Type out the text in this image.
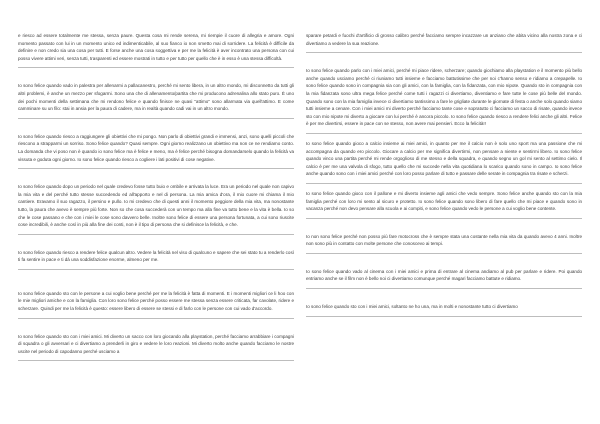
e riesco ad essere totalmente me stessa, senza paure. Questa cosa mi rende serena, mi riempie il cuore di allegria e amore. Ogni momento passato con lui in un momento unico ed indimenticabile, al suo fianco io non smetto mai di sorridere. La felicità è difficile da definire e non credo sia una cosa per tutti. E forse anche una cosa soggettiva e per me la felicità è aver incontrato una persona con cui posso vivere attimi veri, senza tutti, trasparenti ed essere mostrati in tutto e per tutto per quello che è in esso è una stessa difficoltà.

Io sono felice quando vado in palestra per allenarmi a pallacanestro, perché mi sento libera, in un altro mondo, mi disconnetto da tutti gli altri problemi, è anche un mezzo per sfogarmi. Sono una che di allenamento/partita che mi producono adrenalina allo stato puro. È uno dei pochi momenti della settimana che mi rendono felice e quando finisce ne quasi "attimo" sono allarmata via quell'attimo. E come camminare su un filo: stai in ansia per la paura di cadere, ma in realtà quando cadi vai in un altro mondo.

Io sono felice quando riesco a raggiungere gli obiettivi che mi pongo. Non parlo di obiettivi grandi e immensi, anzi, sono quelli piccoli che riescono a strapparmi un sorriso. Sono felice quando? Quasi sempre. Ogni giorno realizzano un obiettivo ma non ce ne rendiamo conto. La domanda che vi poso non è quando io sono felice ma è felice e meno, ma è felice perché bisogna domandarselo quando la felicità va vissuta e goduta ogni giorno. Io sono felice quando riesco a cogliere i lati positivi di cose negative.

Io sono felice quando dopo un periodo nel quale credevo fosse tutto buio e ombile e arrivata la luce. Era un periodo nel quale non capivo la mia vita e del perché tutto stesse succedendo ed all'apporto e nel di persona. La mia amica d'ora, il mio cuore mi chiama il mio cantiere. Eravamo il suo ragazzo, il persino e pullo. Io mi credevo che di questi anni il momento peggiore della mia vita, ma nonostante tutto, la paura che avevo è sempre più forte. Non so che cosa succederà con un tempo ma alla fine va tutto bene e la vita è bella. Io so che le cose passano e che con i miei le cose sono davvero belle. Inoltre sono felice di essere una persona fortunata, a cui sono riuscite cose incredibili, è anche così in più alla fine dei conti, non è il tipo di persona che si definisce la felicità, e che.

Io sono felice quando riesco a rendere felice qualcun altro. Vedere la felicità nel viso di qualcuno e sapere che sei stato tu a renderlo così ti fa sentire in pace e ti dà una soddisfazione enorme, almeno per me.

Io sono felice quando sto con le persone a cui voglio bene perché per me la felicità è fatta di momenti. E i momenti migliori ce li hoo con le mie migliori amiche e con la famiglia. Con loro sono felice perché posso essere me stessa senza essere criticata, far cavolate, ridere e scherzare. Quindi per me la felicità è questo: essere libero di essere se stessi e di farlo con le persone con cui vado d'accordo.

Io sono felice quando sto con i miei amici. Mi diverto un sacco con loro giocando alla playstation, perché facciamo arrabbiare i compagni di squadra o gli avversari e ci divertiamo a prenderli in giro e vedere le loro reazioni. Mi diverto molto anche quando facciamo le nostre uscite nel periodo di capodanno perché usciamo a

sparare petardi e fuochi d'artificio di grosso calibro perché facciamo sempre incazzare un anziano che abita vicino alla nostra zona e ci divertiamo a vedere la sua reazione.

Io sono felice quando parlo con i miei amici, perché mi piace ridere, scherzare; quando giochiamo alla playstation e il momento più bello anche quando usciamo perché ci riuniamo tutti insieme e facciamo battutissime che per noi c'hanno senso e ridiamo a crepapelle. Io sono felice quando sono in compagnia sia con gli amici, con la famiglia, con la fidanzata, con mio nipote. Quando sto in compagnia con la mia fidanzata sono ultra mega felice perché come tutti i ragazzi ci divertiamo, diventiamo e fare tutte le cose più belle del mondo. Quando sono con la mia famiglia invece ci divertiamo tantissimo a fare le grigliate durante le giornate di festa o anche solo quando siamo tutti insieme a cenare. Con i miei amici mi diverto perché facciamo tante cose e sopratutto ci facciamo un sacco di risate, quando invece sto con mio nipote mi diverto a giocare con lui perché è ancora piccolo. Io sono felice quando riesco a rendere felici anche gli altri. Felice è per me divertirsi, essere in pace con se stesso, non avere mai pensieri. Ecco la felicità!!

Io sono felice quando gioco a calcio insieme ai miei amici, in quanto per me il calcio non è solo uno sport ma una passione che mi accompagna da quando ero piccolo. Giocare a calcio per me significa divertirmi, non pensare a niente e sentirmi libero. Io sono felice quando vinco una partita perché mi rende orgoglioso di me stesso e della squadra, e quando segno un gol mi sento al settimo cielo. Il calcio è per me una valvola di sfogo, tutto quello che mi succede nella vita quotidiana lo scarico quando sono in campo. Io sono felice anche quando sono con i miei amici perché con loro posso parlare di tutto e passare delle serate in compagnia tra risate e scherzi.

Io sono felice quando gioco con il pallone e mi diverto insieme agli amici che vedo sempre. Sono felice anche quando sto con la mia famiglia perché con loro mi sento al sicuro e protetto. Io sono felice quando sono libero di fare quello che mi piace e quando sono in vacanza perché non devo pensare alla scuola e ai compiti, e sono felice quando vedo le persone a cui voglio bene contente.

Io non sono felice perché non posso più fare motocross che è sempre stata una costante nella mia vita da quando avevo 4 anni. Inoltre non sono più in contatto con molte persone che conoscevo ai tempi.

Io sono felice quando vado al cinema con i miei amici e prima di entrare al cinema andiamo al pub per parlare e ridere. Poi quando entriamo anche se il film non è bello noi ci divertiamo comunque perché magari facciamo battute e ridiamo.

Io sono felice quando sto con i miei amici, soltanto ne ho una, ma in molti e nonostante tutto ci divertiamo
